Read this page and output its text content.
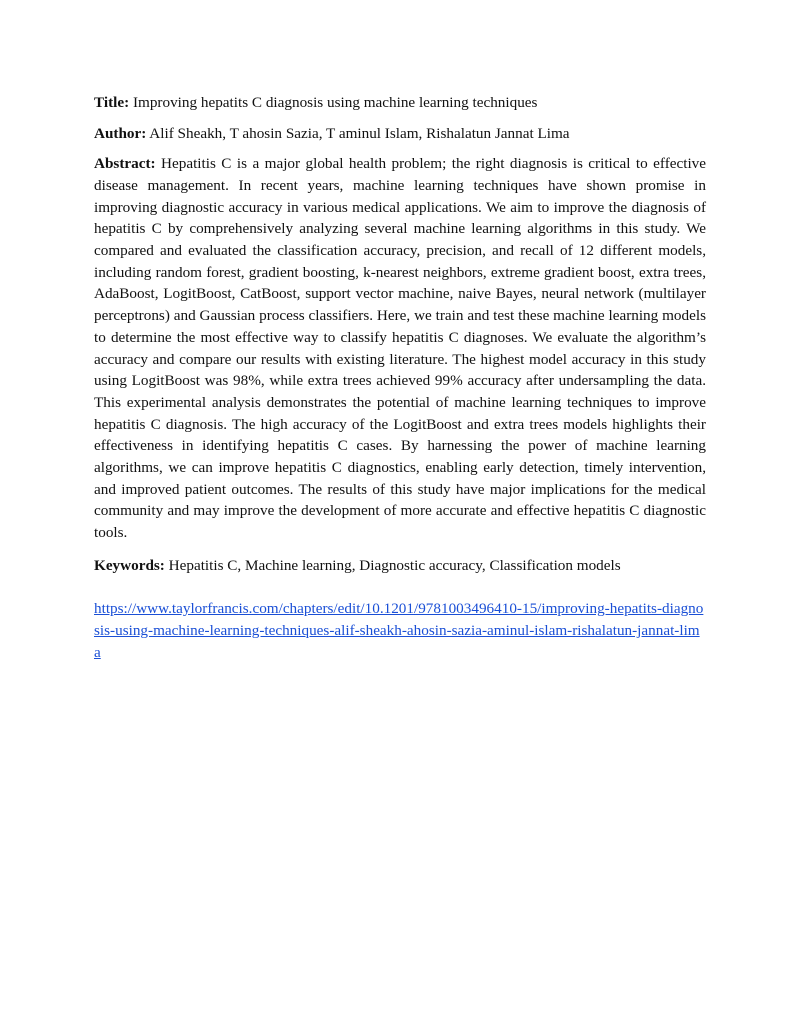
Title: Improving hepatits C diagnosis using machine learning techniques

Author: Alif Sheakh, T ahosin Sazia, T aminul Islam, Rishalatun Jannat Lima

Abstract: Hepatitis C is a major global health problem; the right diagnosis is critical to effective disease management. In recent years, machine learning techniques have shown promise in improving diagnostic accuracy in various medical applications. We aim to improve the diagnosis of hepatitis C by comprehensively analyzing several machine learning algorithms in this study. We compared and evaluated the classification accuracy, precision, and recall of 12 different models, including random forest, gradient boosting, k-nearest neighbors, extreme gradient boost, extra trees, AdaBoost, LogitBoost, CatBoost, support vector machine, naive Bayes, neural network (multilayer perceptrons) and Gaussian process classifiers. Here, we train and test these machine learning models to determine the most effective way to classify hepatitis C diagnoses. We evaluate the algorithm’s accuracy and compare our results with existing literature. The highest model accuracy in this study using LogitBoost was 98%, while extra trees achieved 99% accuracy after undersampling the data. This experimental analysis demonstrates the potential of machine learning techniques to improve hepatitis C diagnosis. The high accuracy of the LogitBoost and extra trees models highlights their effectiveness in identifying hepatitis C cases. By harnessing the power of machine learning algorithms, we can improve hepatitis C diagnostics, enabling early detection, timely intervention, and improved patient outcomes. The results of this study have major implications for the medical community and may improve the development of more accurate and effective hepatitis C diagnostic tools.

Keywords: Hepatitis C, Machine learning, Diagnostic accuracy, Classification models

https://www.taylorfrancis.com/chapters/edit/10.1201/9781003496410-15/improving-hepatits-diagnosis-using-machine-learning-techniques-alif-sheakh-ahosin-sazia-aminul-islam-rishalatun-jannat-lima
